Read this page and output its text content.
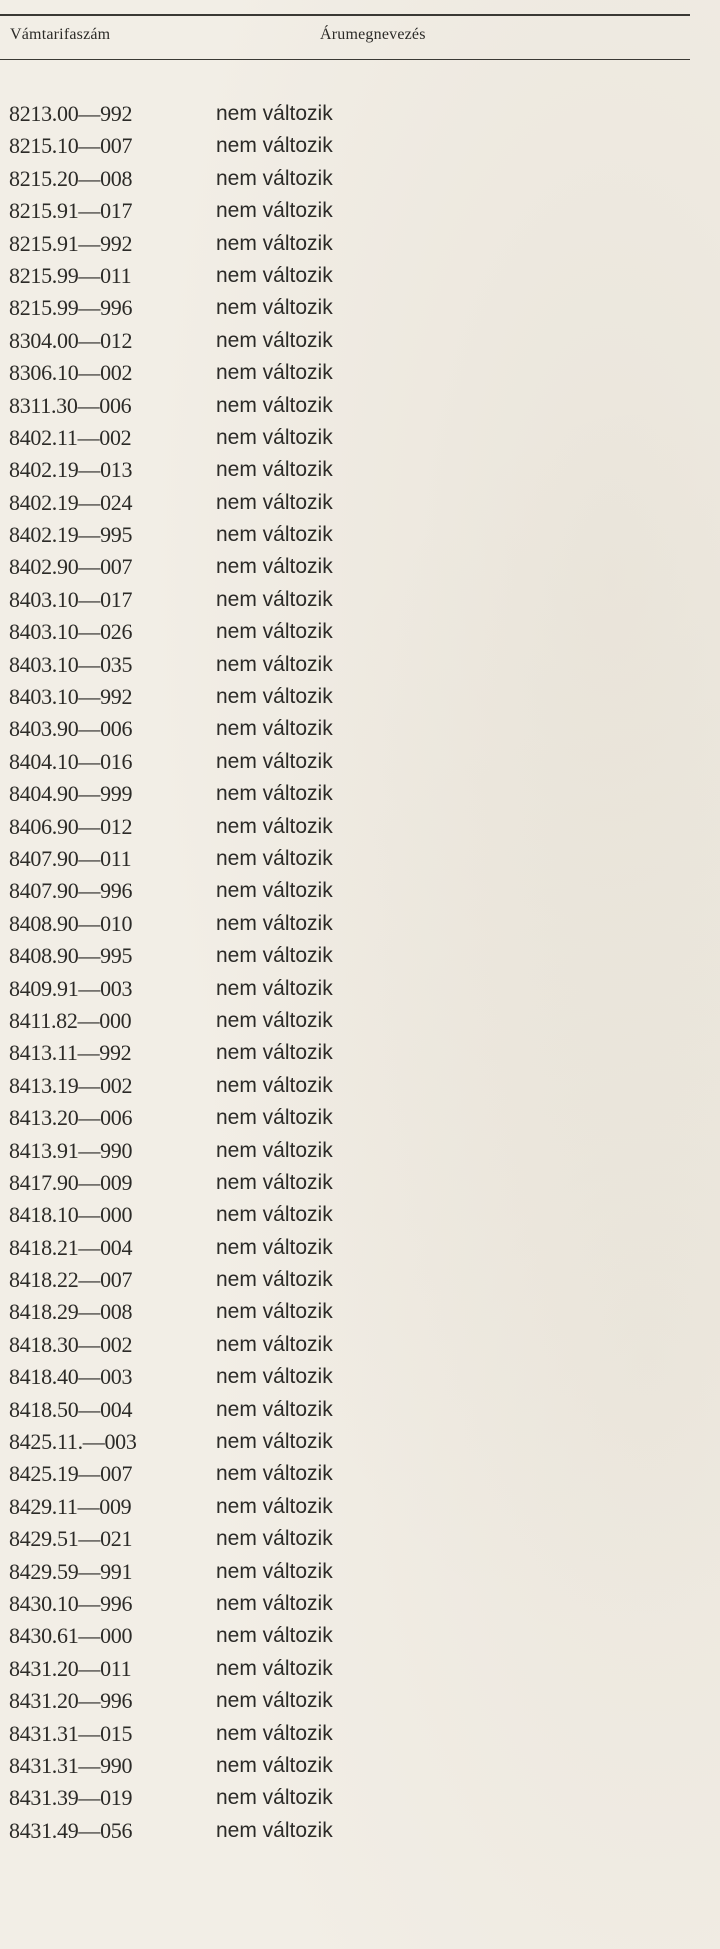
Vámtarifaszám	Árumegnevezés
8213.00—992	nem változik
8215.10—007	nem változik
8215.20—008	nem változik
8215.91—017	nem változik
8215.91—992	nem változik
8215.99—011	nem változik
8215.99—996	nem változik
8304.00—012	nem változik
8306.10—002	nem változik
8311.30—006	nem változik
8402.11—002	nem változik
8402.19—013	nem változik
8402.19—024	nem változik
8402.19—995	nem változik
8402.90—007	nem változik
8403.10—017	nem változik
8403.10—026	nem változik
8403.10—035	nem változik
8403.10—992	nem változik
8403.90—006	nem változik
8404.10—016	nem változik
8404.90—999	nem változik
8406.90—012	nem változik
8407.90—011	nem változik
8407.90—996	nem változik
8408.90—010	nem változik
8408.90—995	nem változik
8409.91—003	nem változik
8411.82—000	nem változik
8413.11—992	nem változik
8413.19—002	nem változik
8413.20—006	nem változik
8413.91—990	nem változik
8417.90—009	nem változik
8418.10—000	nem változik
8418.21—004	nem változik
8418.22—007	nem változik
8418.29—008	nem változik
8418.30—002	nem változik
8418.40—003	nem változik
8418.50—004	nem változik
8425.11.—003	nem változik
8425.19—007	nem változik
8429.11—009	nem változik
8429.51—021	nem változik
8429.59—991	nem változik
8430.10—996	nem változik
8430.61—000	nem változik
8431.20—011	nem változik
8431.20—996	nem változik
8431.31—015	nem változik
8431.31—990	nem változik
8431.39—019	nem változik
8431.49—056	nem változik
